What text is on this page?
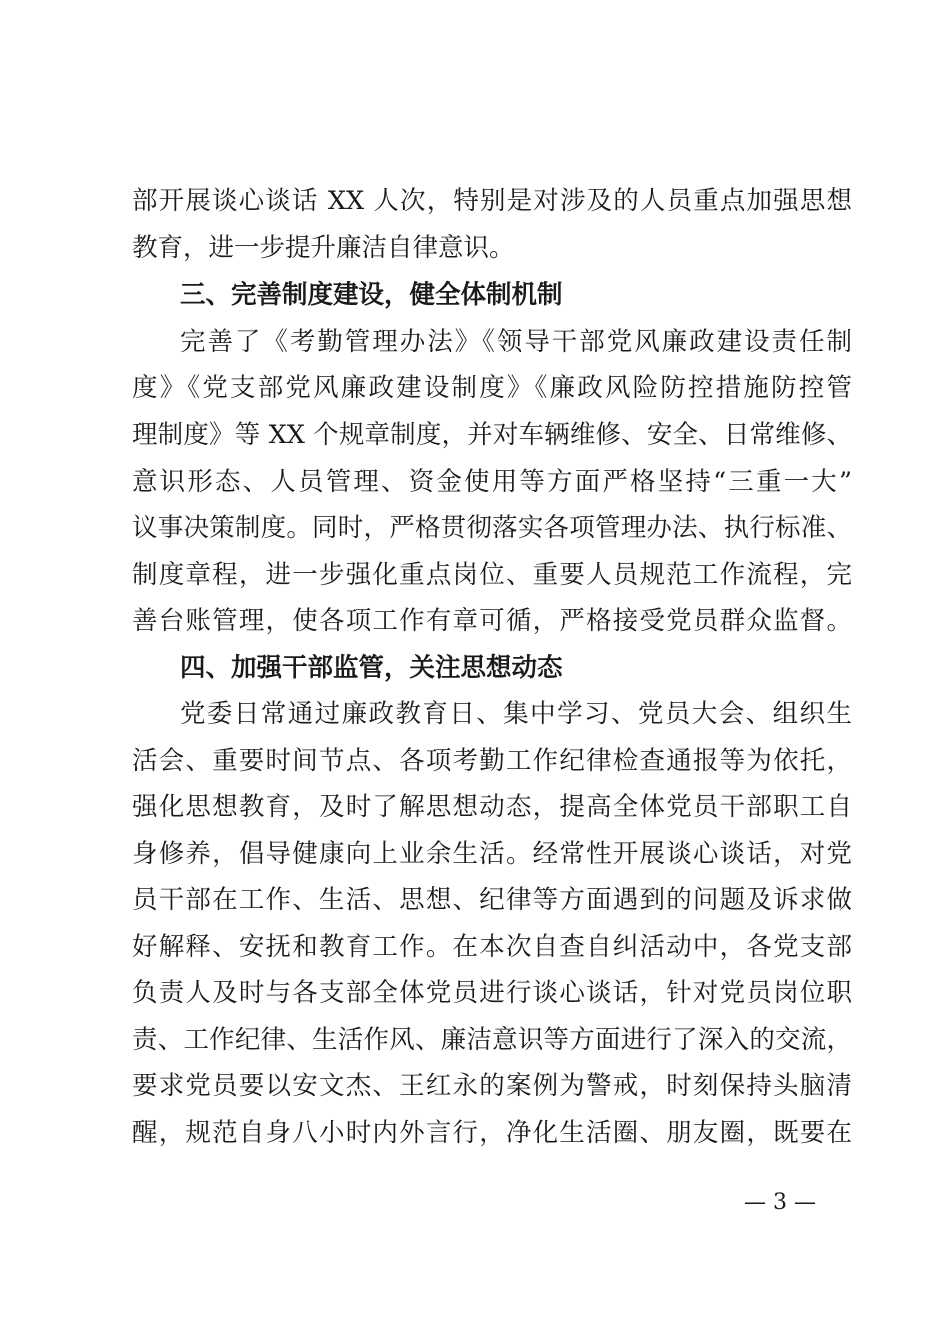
部开展谈心谈话 XX 人次，特别是对涉及的人员重点加强思想
教育，进一步提升廉洁自律意识。
三、完善制度建设，健全体制机制
完善了《考勤管理办法》《领导干部党风廉政建设责任制
度》《党支部党风廉政建设制度》《廉政风险防控措施防控管
理制度》等 XX 个规章制度，并对车辆维修、安全、日常维修、
意识形态、人员管理、资金使用等方面严格坚持“三重一大”
议事决策制度。同时，严格贯彻落实各项管理办法、执行标准、
制度章程，进一步强化重点岗位、重要人员规范工作流程，完
善台账管理，使各项工作有章可循，严格接受党员群众监督。
四、加强干部监管，关注思想动态
党委日常通过廉政教育日、集中学习、党员大会、组织生
活会、重要时间节点、各项考勤工作纪律检查通报等为依托，
强化思想教育，及时了解思想动态，提高全体党员干部职工自
身修养，倡导健康向上业余生活。经常性开展谈心谈话，对党
员干部在工作、生活、思想、纪律等方面遇到的问题及诉求做
好解释、安抚和教育工作。在本次自查自纠活动中，各党支部
负责人及时与各支部全体党员进行谈心谈话，针对党员岗位职
责、工作纪律、生活作风、廉洁意识等方面进行了深入的交流，
要求党员要以安文杰、王红永的案例为警戒，时刻保持头脑清
醒，规范自身八小时内外言行，净化生活圈、朋友圈，既要在
— 3 —
